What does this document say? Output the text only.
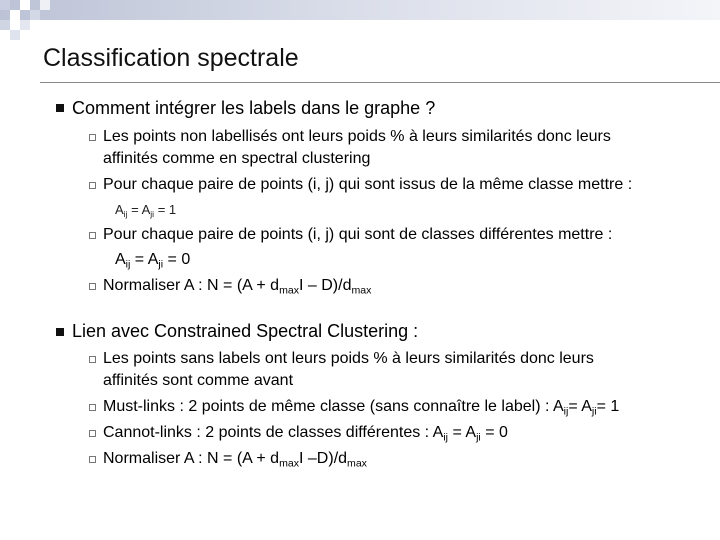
Classification spectrale
Comment intégrer les labels dans le graphe ?
Les points non labellisés ont leurs poids % à leurs similarités donc leurs
affinités comme en spectral clustering
Pour chaque paire de points (i, j) qui sont issus de la même classe mettre :
$A_{ij} = A_{ji} = 1$
Pour chaque paire de points (i, j) qui sont de classes différentes mettre :
$A_{ij} = A_{ji} = 0$
Normaliser A : $N = (A + d_{max}I - D)/d_{max}$
Lien avec Constrained Spectral Clustering :
Les points sans labels ont leurs poids % à leurs similarités donc leurs
affinités sont comme avant
Must-links : 2 points de même classe (sans connaître le label) : $A_{ij}= A_{ji}= 1$
Cannot-links : 2 points de classes différentes : $A_{ij} = A_{ji} = 0$
Normaliser A : $N = (A + d_{max}I$ $-D)/d_{max}$
